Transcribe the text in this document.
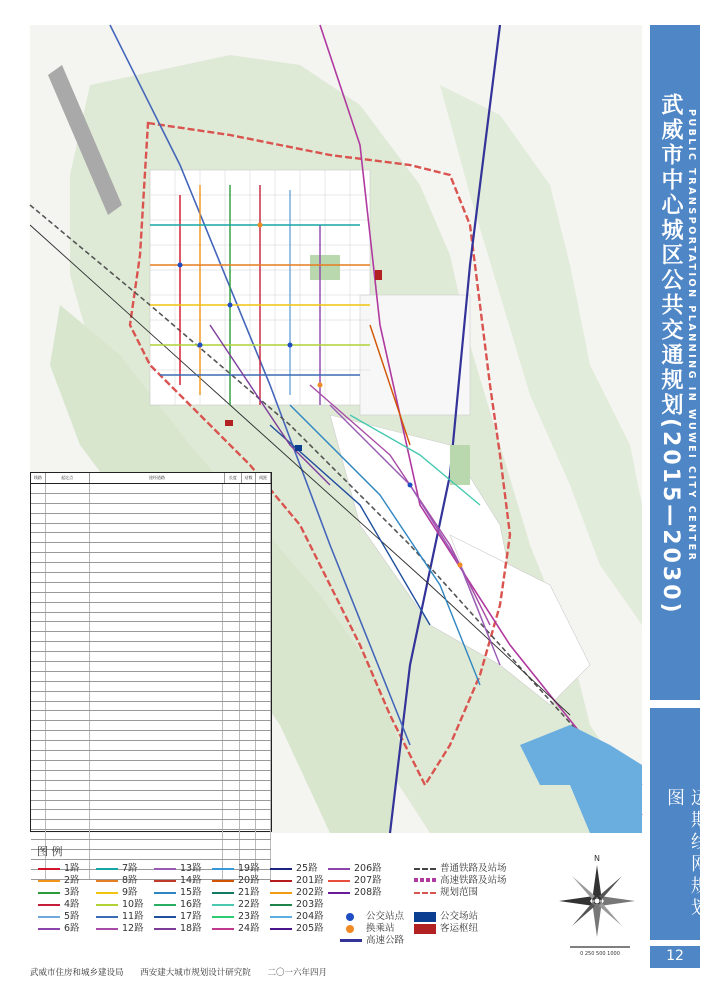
线路	起讫点	途经道路	长度	站数	间距	武威市中心城区公共交通规划(2015—2030) PUBLIC TRANSPORTATION PLANNING IN WUWEI CITY CENTER
远期线网规划图
12
图 例
1路
2路
3路
4路
5路
6路
7路
8路
9路
10路
11路
12路
13路
14路
15路
16路
17路
18路
19路
20路
21路
22路
23路
24路
25路
201路
202路
203路
204路
205路
206路
207路
208路
普通铁路及站场
高速铁路及站场
规划范围
公交站点
换乘站
高速公路
公交场站
客运枢纽
N
0 250 500 1000
武威市住房和城乡建设局 西安建大城市规划设计研究院 二〇一六年四月
